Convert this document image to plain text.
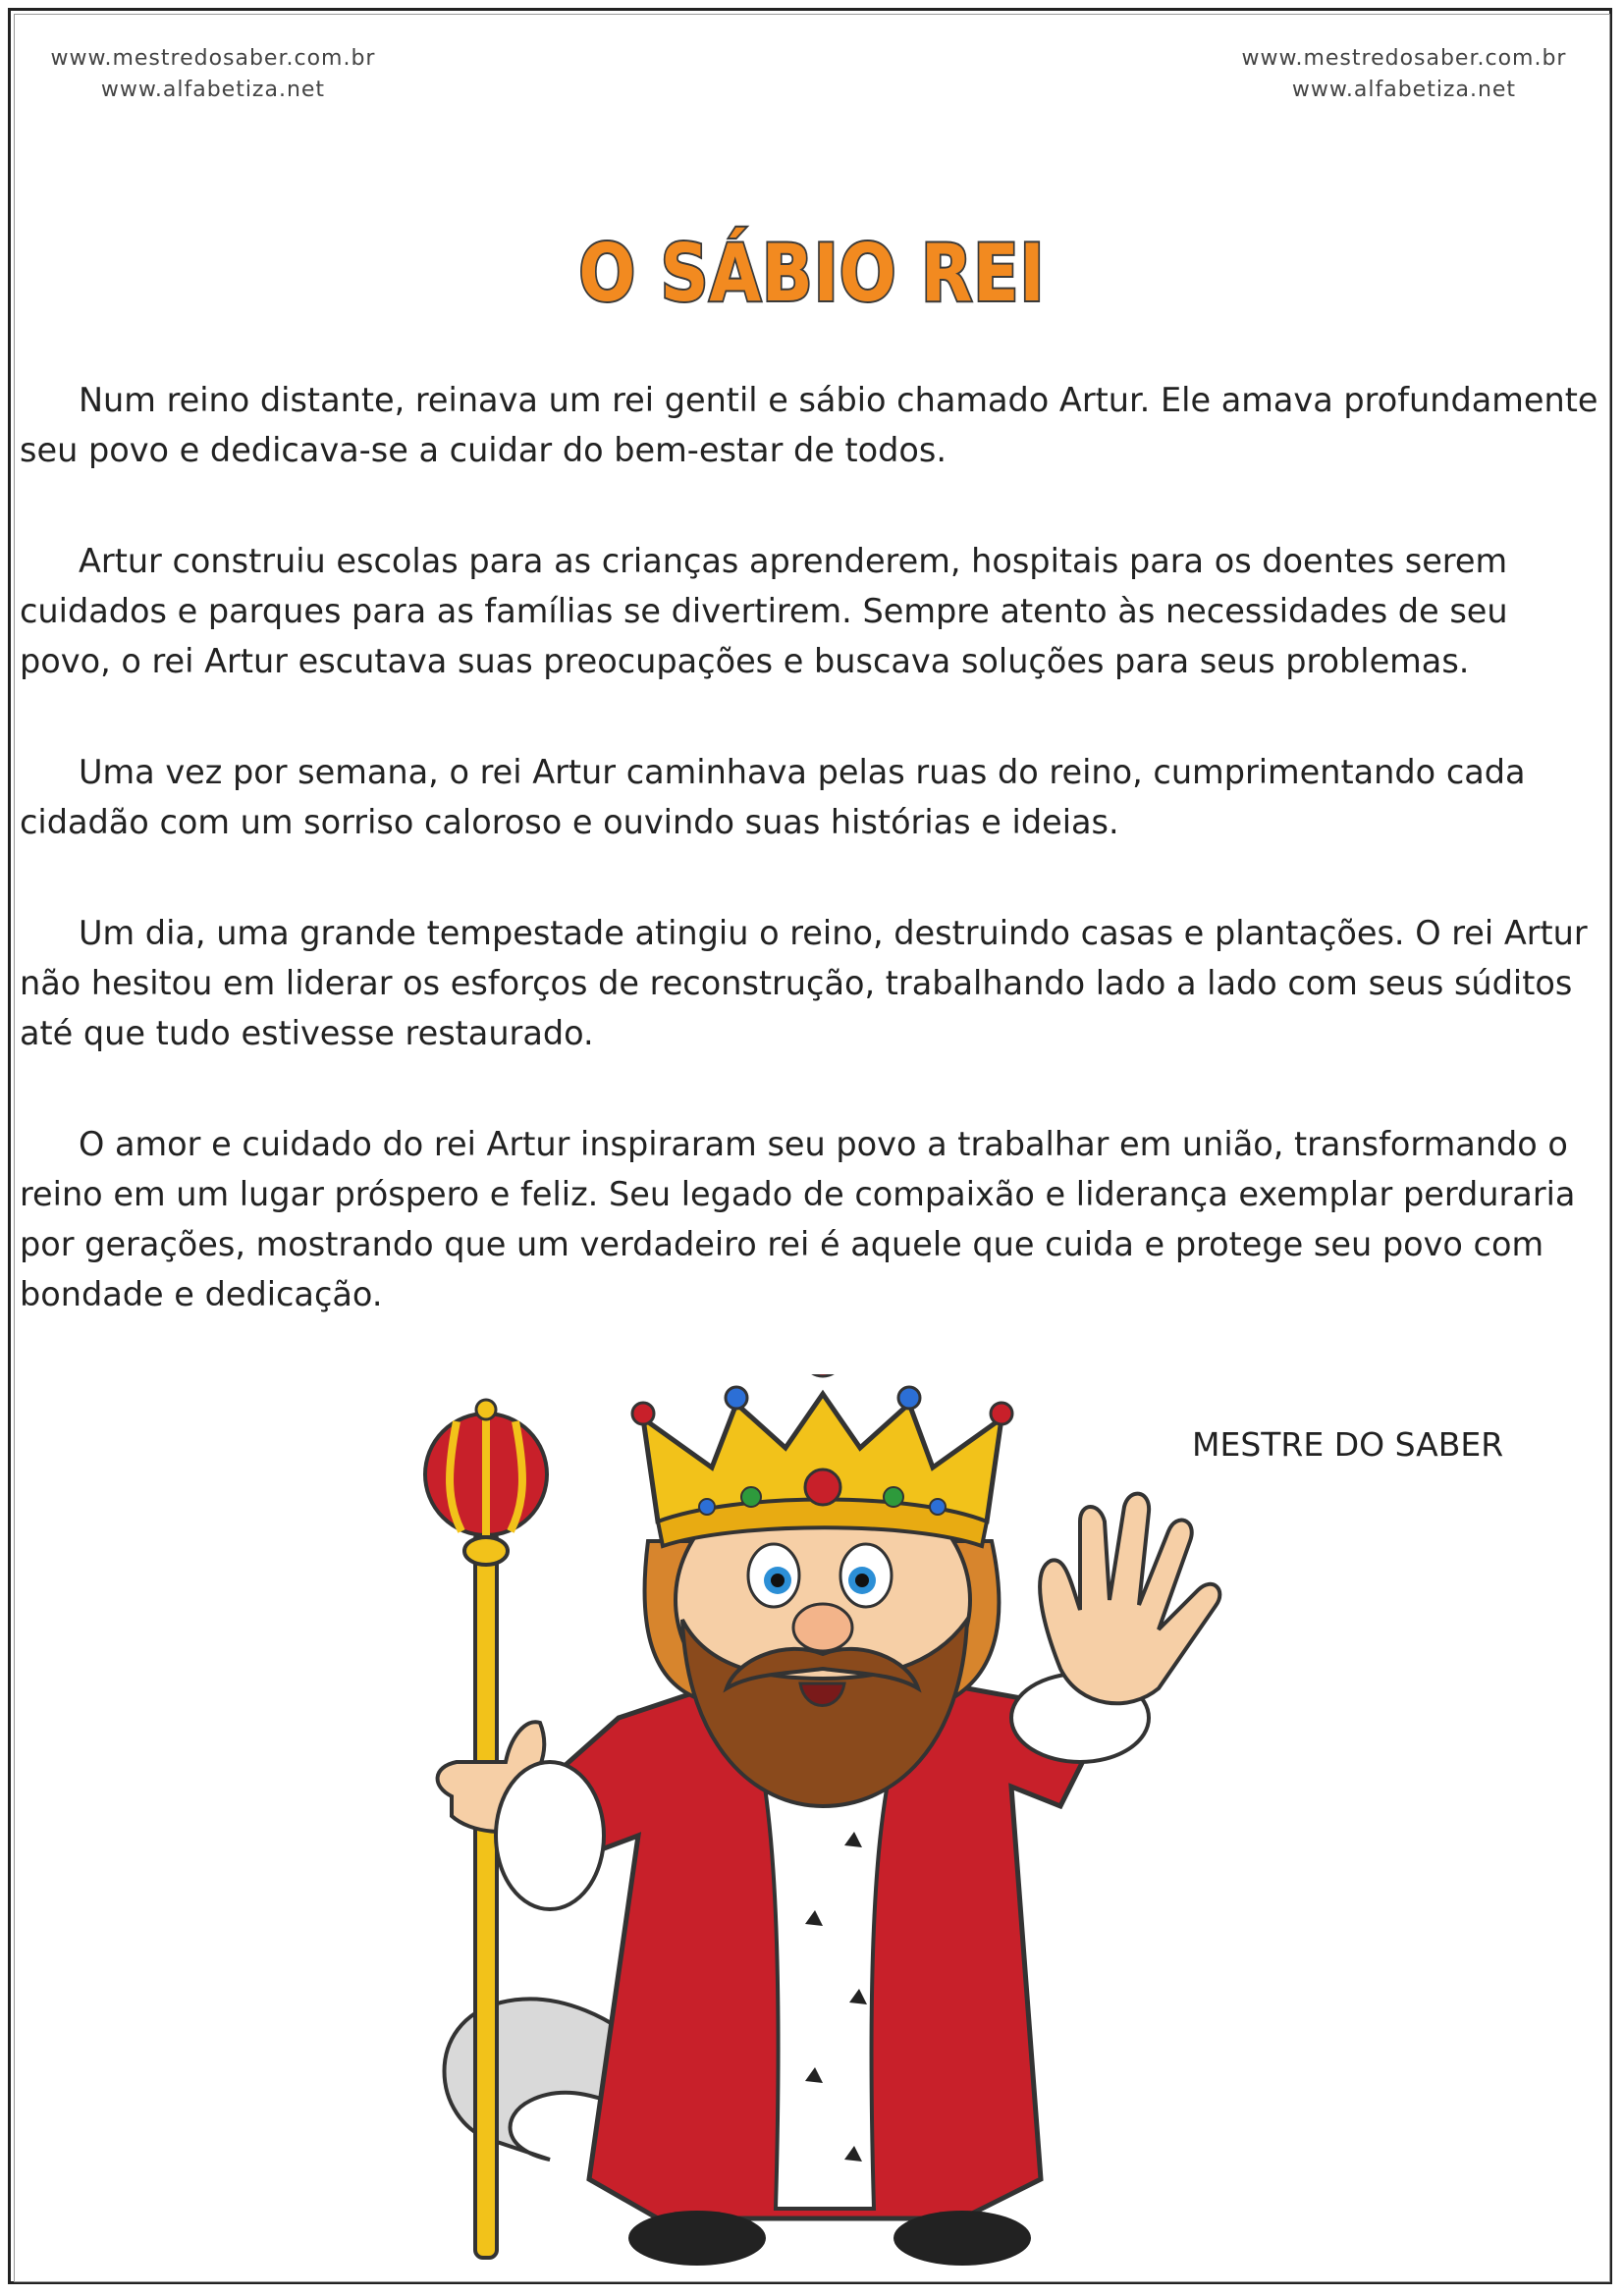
www.mestredosaber.com.br
www.alfabetiza.net
www.mestredosaber.com.br
www.alfabetiza.net
O SÁBIO REI

Num reino distante, reinava um rei gentil e sábio chamado Artur. Ele amava profundamente seu povo e dedicava-se a cuidar do bem-estar de todos.

Artur construiu escolas para as crianças aprenderem, hospitais para os doentes serem cuidados e parques para as famílias se divertirem. Sempre atento às necessidades de seu povo, o rei Artur escutava suas preocupações e buscava soluções para seus problemas.

Uma vez por semana, o rei Artur caminhava pelas ruas do reino, cumprimentando cada cidadão com um sorriso caloroso e ouvindo suas histórias e ideias.

Um dia, uma grande tempestade atingiu o reino, destruindo casas e plantações. O rei Artur não hesitou em liderar os esforços de reconstrução, trabalhando lado a lado com seus súditos até que tudo estivesse restaurado.

O amor e cuidado do rei Artur inspiraram seu povo a trabalhar em união, transformando o reino em um lugar próspero e feliz. Seu legado de compaixão e liderança exemplar perduraria por gerações, mostrando que um verdadeiro rei é aquele que cuida e protege seu povo com bondade e dedicação.

MESTRE DO SABER
